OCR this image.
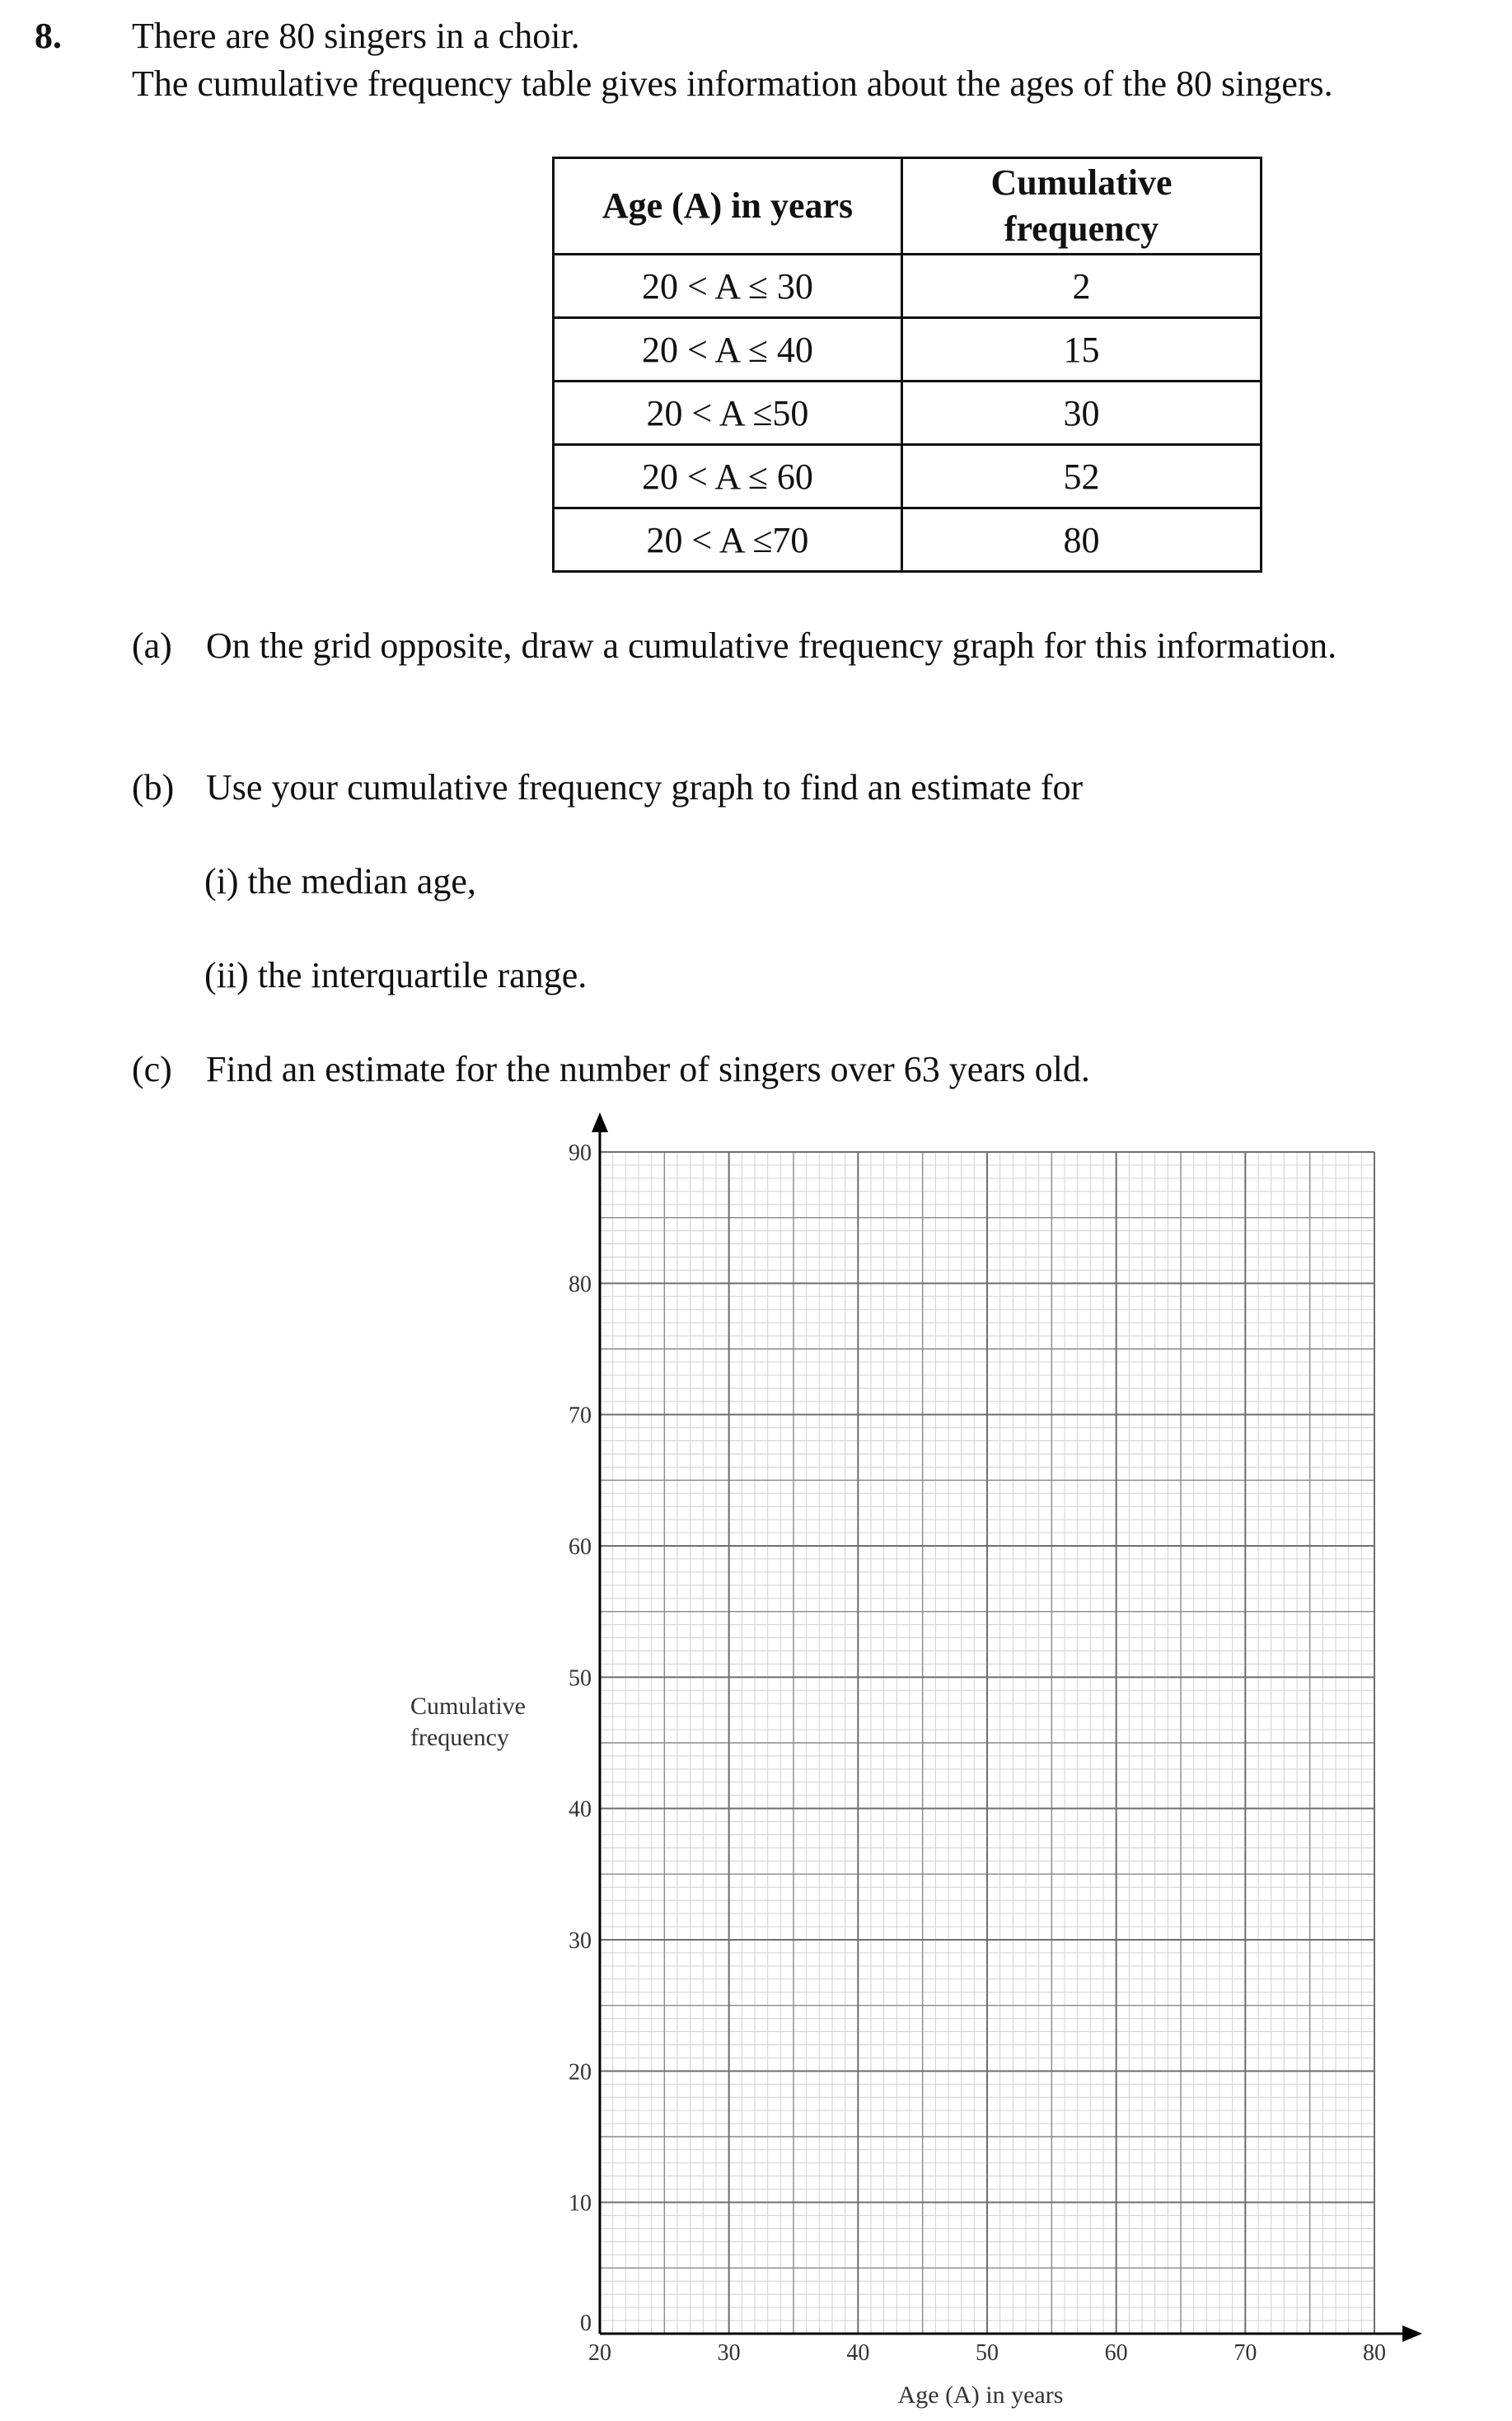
8. There are 80 singers in a choir.
The cumulative frequency table gives information about the ages of the 80 singers.
Age (A) in years	Cumulative
frequency
20 < A ≤ 30	2
20 < A ≤ 40	15
20 < A ≤50	30
20 < A ≤ 60	52
20 < A ≤70	80
(a) On the grid opposite, draw a cumulative frequency graph for this information.
(b) Use your cumulative frequency graph to find an estimate for
(i) the median age,
(ii) the interquartile range.
(c) Find an estimate for the number of singers over 63 years old.
0
10
20
30
40
50
60
70
80
90
20	30	40	50	60	70	80
Cumulative
frequency
Age (A) in years
